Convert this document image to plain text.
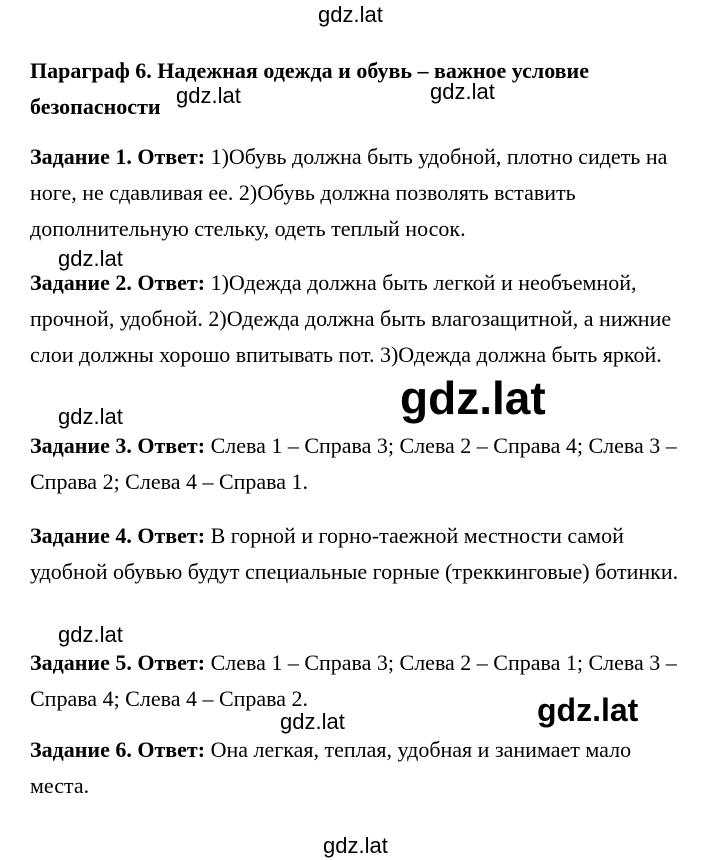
Параграф 6. Надежная одежда и обувь – важное условие безопасности
Задание 1. Ответ: 1)Обувь должна быть удобной, плотно сидеть на ноге, не сдавливая ее. 2)Обувь должна позволять вставить дополнительную стельку, одеть теплый носок.
Задание 2. Ответ: 1)Одежда должна быть легкой и необъемной, прочной, удобной. 2)Одежда должна быть влагозащитной, а нижние слои должны хорошо впитывать пот. 3)Одежда должна быть яркой.
Задание 3. Ответ: Слева 1 – Справа 3; Слева 2 – Справа 4; Слева 3 – Справа 2; Слева 4 – Справа 1.
Задание 4. Ответ: В горной и горно-таежной местности самой удобной обувью будут специальные горные (треккинговые) ботинки.
Задание 5. Ответ: Слева 1 – Справа 3; Слева 2 – Справа 1; Слева 3 – Справа 4; Слева 4 – Справа 2.
Задание 6. Ответ: Она легкая, теплая, удобная и занимает мало места.
gdz.lat
gdz.lat	gdz.lat
gdz.lat
gdz.lat
gdz.lat
gdz.lat
gdz.lat	gdz.lat
gdz.lat
